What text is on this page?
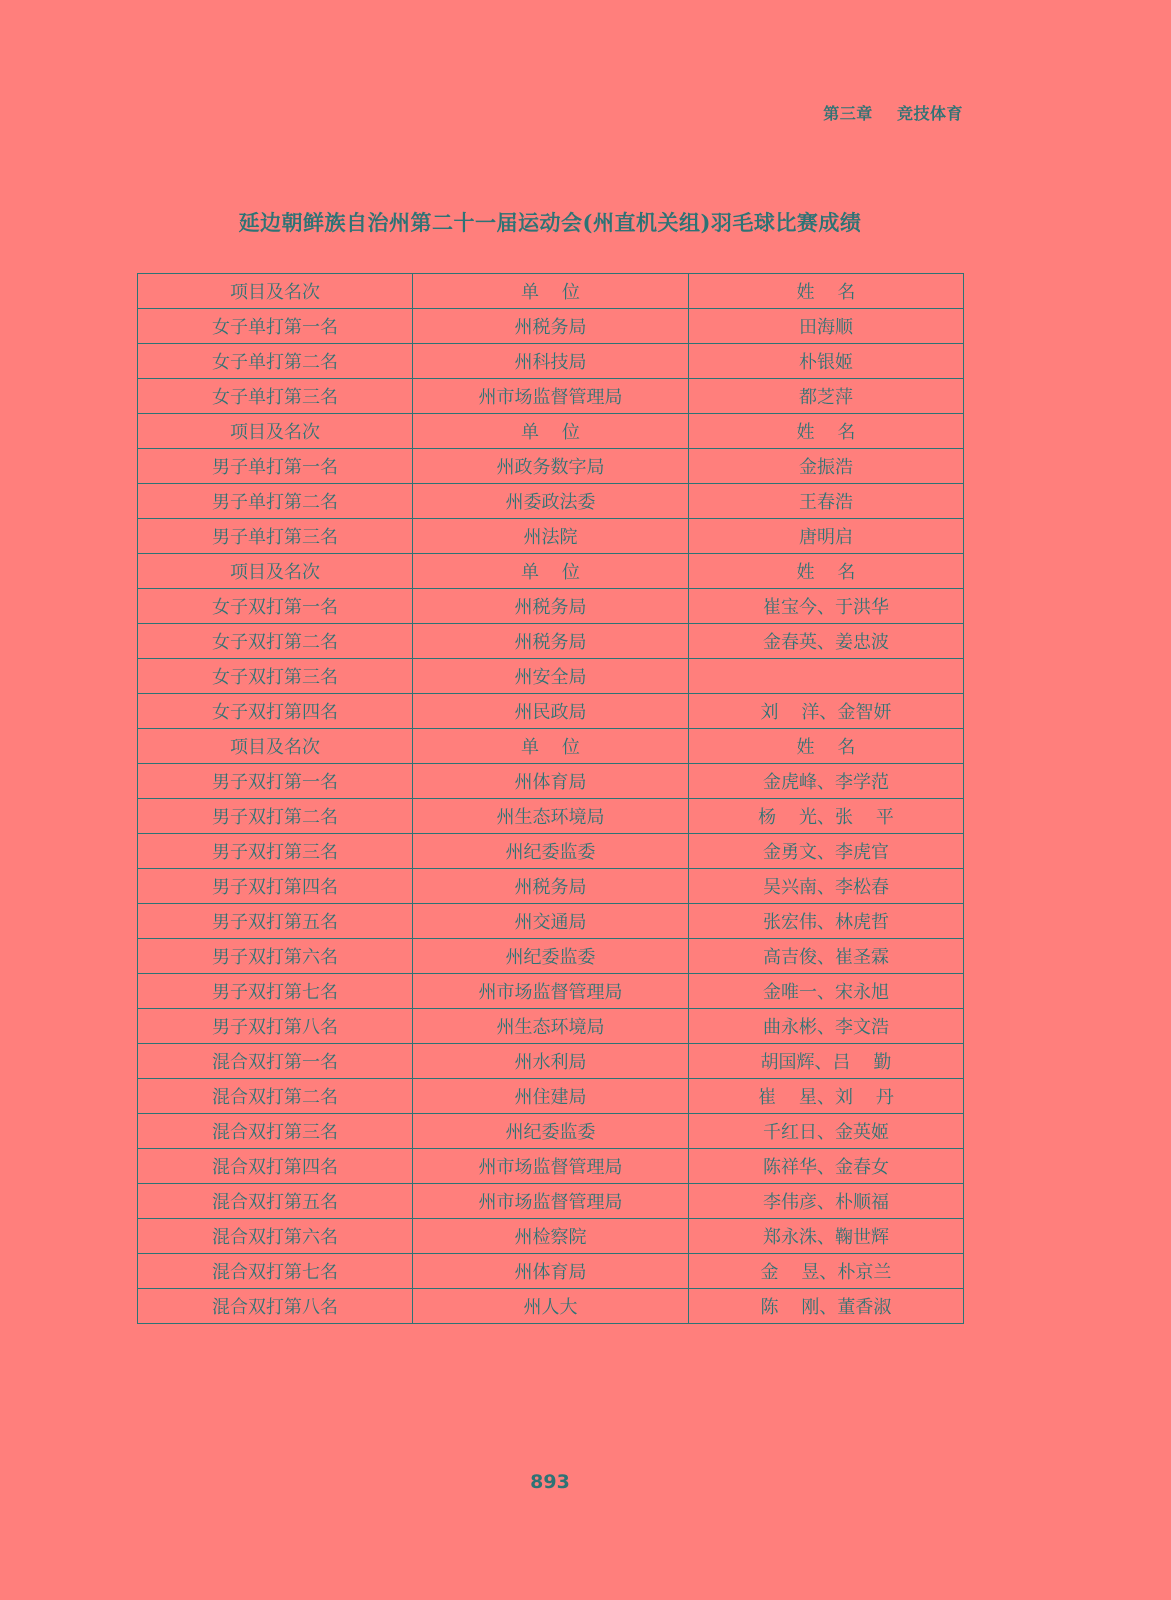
第三章    竞技体育
延边朝鲜族自治州第二十一届运动会(州直机关组)羽毛球比赛成绩
项目及名次	单    位	姓    名
女子单打第一名	州税务局	田海顺
女子单打第二名	州科技局	朴银姬
女子单打第三名	州市场监督管理局	都芝萍
项目及名次	单    位	姓    名
男子单打第一名	州政务数字局	金振浩
男子单打第二名	州委政法委	王春浩
男子单打第三名	州法院	唐明启
项目及名次	单    位	姓    名
女子双打第一名	州税务局	崔宝今、于洪华
女子双打第二名	州税务局	金春英、姜忠波
女子双打第三名	州安全局	
女子双打第四名	州民政局	刘    洋、金智妍
项目及名次	单    位	姓    名
男子双打第一名	州体育局	金虎峰、李学范
男子双打第二名	州生态环境局	杨    光、张    平
男子双打第三名	州纪委监委	金勇文、李虎官
男子双打第四名	州税务局	吴兴南、李松春
男子双打第五名	州交通局	张宏伟、林虎哲
男子双打第六名	州纪委监委	高吉俊、崔圣霖
男子双打第七名	州市场监督管理局	金唯一、宋永旭
男子双打第八名	州生态环境局	曲永彬、李文浩
混合双打第一名	州水利局	胡国辉、吕    勤
混合双打第二名	州住建局	崔    星、刘    丹
混合双打第三名	州纪委监委	千红日、金英姬
混合双打第四名	州市场监督管理局	陈祥华、金春女
混合双打第五名	州市场监督管理局	李伟彦、朴顺福
混合双打第六名	州检察院	郑永洙、鞠世辉
混合双打第七名	州体育局	金    昱、朴京兰
混合双打第八名	州人大	陈    刚、董香淑
893
